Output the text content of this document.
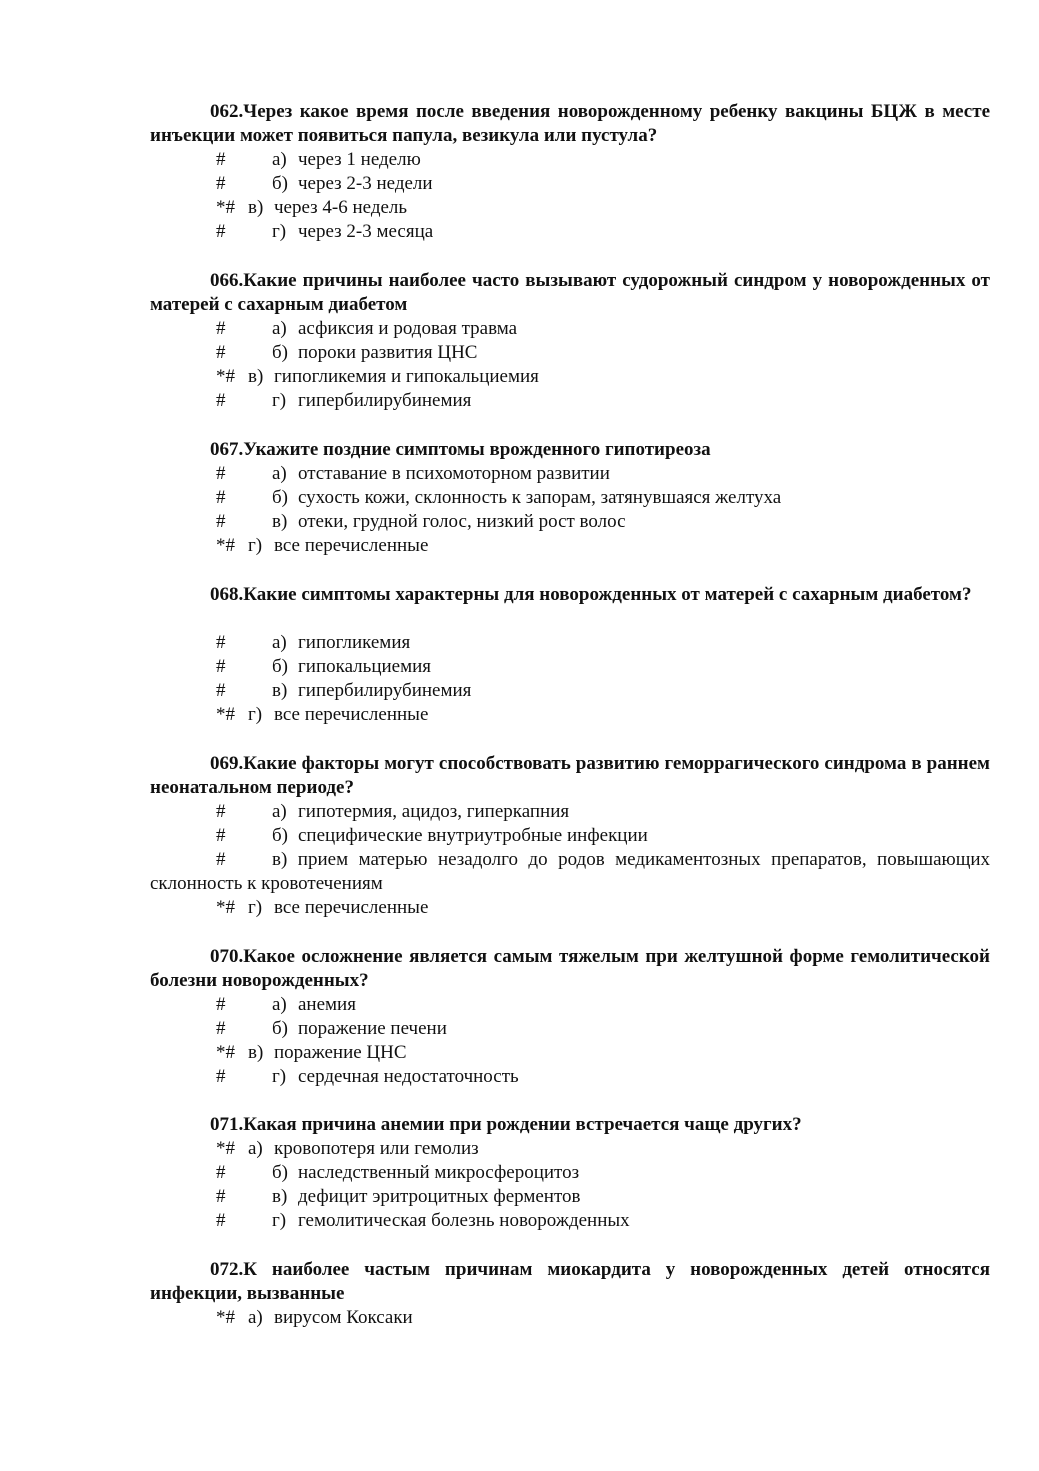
062.Через какое время после введения новорожденному ребенку вакцины БЦЖ в месте инъекции может появиться папула, везикула или пустула?
# а) через 1 неделю
# б) через 2-3 недели
*# в) через 4-6 недель
# г) через 2-3 месяца
066.Какие причины наиболее часто вызывают судорожный синдром у новорожденных от матерей с сахарным диабетом
# а) асфиксия и родовая травма
# б) пороки развития ЦНС
*# в) гипогликемия и гипокальциемия
# г) гипербилирубинемия
067.Укажите поздние симптомы врожденного гипотиреоза
# а) отставание в психомоторном развитии
# б) сухость кожи, склонность к запорам, затянувшаяся желтуха
# в) отеки, грудной голос, низкий рост волос
*# г) все перечисленные
068.Какие симптомы характерны для новорожденных от матерей с сахарным диабетом?
# а) гипогликемия
# б) гипокальциемия
# в) гипербилирубинемия
*# г) все перечисленные
069.Какие факторы могут способствовать развитию геморрагического синдрома в раннем неонатальном периоде?
# а) гипотермия, ацидоз, гиперкапния
# б) специфические внутриутробные инфекции
# в) прием матерью незадолго до родов медикаментозных препаратов, повышающих склонность к кровотечениям
*# г) все перечисленные
070.Какое осложнение является самым тяжелым при желтушной форме гемолитической болезни новорожденных?
# а) анемия
# б) поражение печени
*# в) поражение ЦНС
# г) сердечная недостаточность
071.Какая причина анемии при рождении встречается чаще других?
*# а) кровопотеря или гемолиз
# б) наследственный микросфероцитоз
# в) дефицит эритроцитных ферментов
# г) гемолитическая болезнь новорожденных
072.К наиболее частым причинам миокардита у новорожденных детей относятся инфекции, вызванные
*# а) вирусом Коксаки
